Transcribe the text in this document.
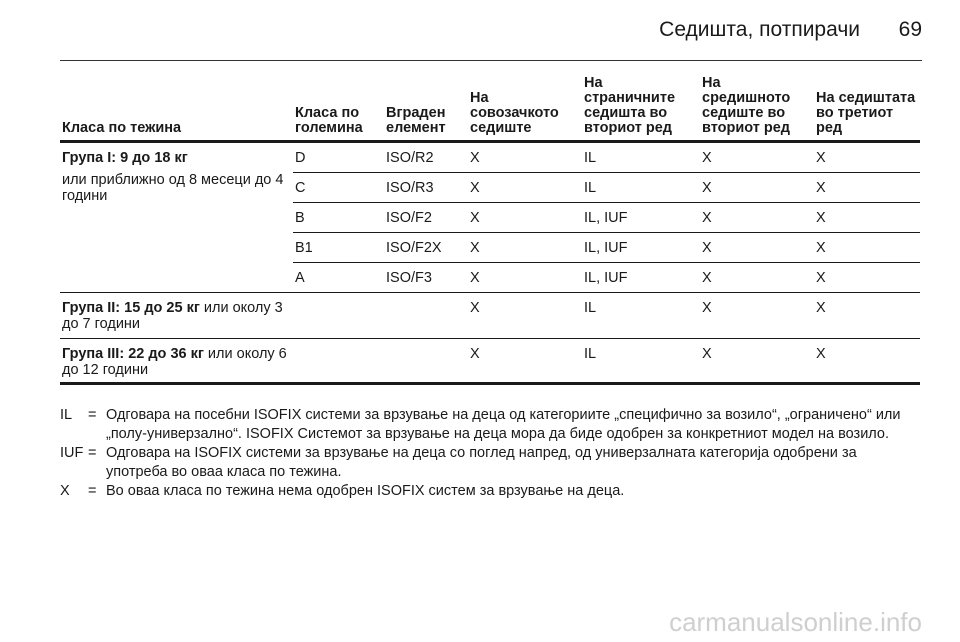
Седишта, потпирачи 69
Класа по тежина	Класа по големина	Вграден елемент	На совозачкото седиште	На страничните седишта во вториот ред	На средишното седиште во вториот ред	На седиштата во третиот ред

Група I: 9 до 18 кг
или приближно од 8 месеци до 4 години	D	ISO/R2	X	IL	X	X
	C	ISO/R3	X	IL	X	X
	B	ISO/F2	X	IL, IUF	X	X
	B1	ISO/F2X	X	IL, IUF	X	X
	A	ISO/F3	X	IL, IUF	X	X
Група II: 15 до 25 кг или околу 3 до 7 години			X	IL	X	X
Група III: 22 до 36 кг или околу 6 до 12 години			X	IL	X	X
IL	= Одговара на посебни ISOFIX системи за врзување на деца од категориите „специфично за возило“, „ограничено“ или „полу-универзално“. ISOFIX Системот за врзување на деца мора да биде одобрен за конкретниот модел на возило.
IUF = Одговара на ISOFIX системи за врзување на деца со поглед напред, од универзалната категорија одобрени за употреба во оваа класа по тежина.
X	= Во оваа класа по тежина нема одобрен ISOFIX систем за врзување на деца.
carmanualsonline.info
